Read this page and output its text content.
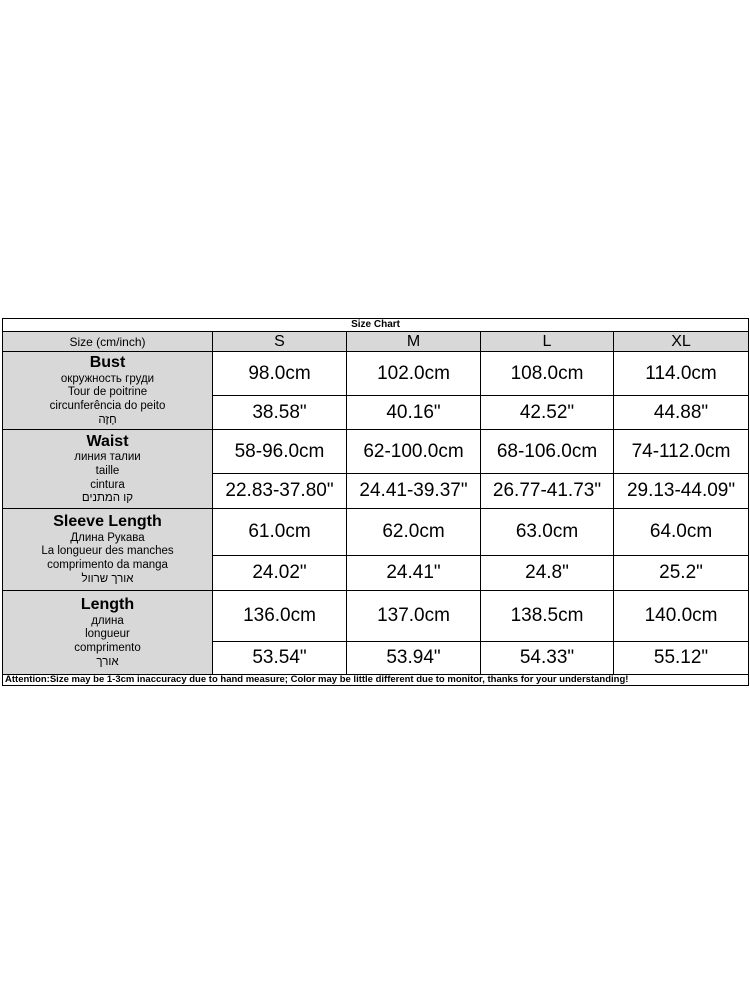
Size Chart				
Size (cm/inch)	S	M	L	XL

Bust
окружность груди
Tour de poitrine
circunferência do peito
חָזֶה	98.0cm	102.0cm	108.0cm	114.0cm
	38.58"	40.16"	42.52"	44.88"

Waist
линия талии
taille
cintura
קו המתנים	58-96.0cm	62-100.0cm	68-106.0cm	74-112.0cm
	22.83-37.80"	24.41-39.37"	26.77-41.73"	29.13-44.09"

Sleeve Length
Длина Рукава
La longueur des manches
comprimento da manga
אורך שרוול	61.0cm	62.0cm	63.0cm	64.0cm
	24.02"	24.41"	24.8"	25.2"

Length
длина
longueur
comprimento
אורך	136.0cm	137.0cm	138.5cm	140.0cm
	53.54"	53.94"	54.33"	55.12"
Attention:Size may be 1-3cm inaccuracy due to hand measure; Color may be little different due to monitor, thanks for your understanding!				
